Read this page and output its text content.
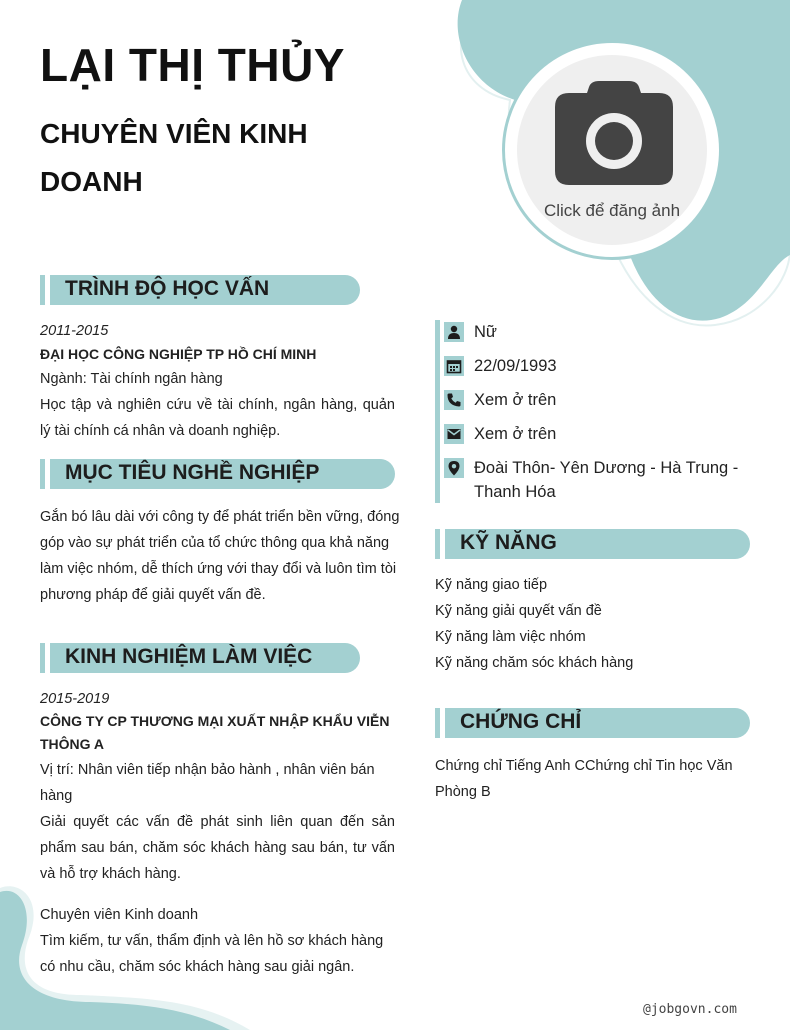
LẠI THỊ THỦY
CHUYÊN VIÊN KINH DOANH
Click để đăng ảnh
TRÌNH ĐỘ HỌC VẤN
2011-2015
ĐẠI HỌC CÔNG NGHIỆP TP HỒ CHÍ MINH
Ngành: Tài chính ngân hàng
Học tập và nghiên cứu về tài chính, ngân hàng, quản lý tài chính cá nhân và doanh nghiệp.
MỤC TIÊU NGHỀ NGHIỆP
Gắn bó lâu dài với công ty để phát triển bền vững, đóng góp vào sự phát triển của tổ chức thông qua khả năng làm việc nhóm, dễ thích ứng với thay đổi và luôn tìm tòi phương pháp để giải quyết vấn đề.
KINH NGHIỆM LÀM VIỆC
2015-2019
CÔNG TY CP THƯƠNG MẠI XUẤT NHẬP KHẨU VIỄN THÔNG A
Vị trí: Nhân viên tiếp nhận bảo hành , nhân viên bán hàng
Giải quyết các vấn đề phát sinh liên quan đến sản phẩm sau bán, chăm sóc khách hàng sau bán, tư vấn và hỗ trợ khách hàng.
Chuyên viên Kinh doanh
Tìm kiếm, tư vấn, thẩm định và lên hồ sơ khách hàng có nhu cầu, chăm sóc khách hàng sau giải ngân.
Nữ
22/09/1993
Xem ở trên
Xem ở trên
Đoài Thôn- Yên Dương - Hà Trung - Thanh Hóa
KỸ NĂNG
Kỹ năng giao tiếp
Kỹ năng giải quyết vấn đề
Kỹ năng làm việc nhóm
Kỹ năng chăm sóc khách hàng
CHỨNG CHỈ
Chứng chỉ Tiếng Anh CChứng chỉ Tin học Văn Phòng B
@jobgovn.com
